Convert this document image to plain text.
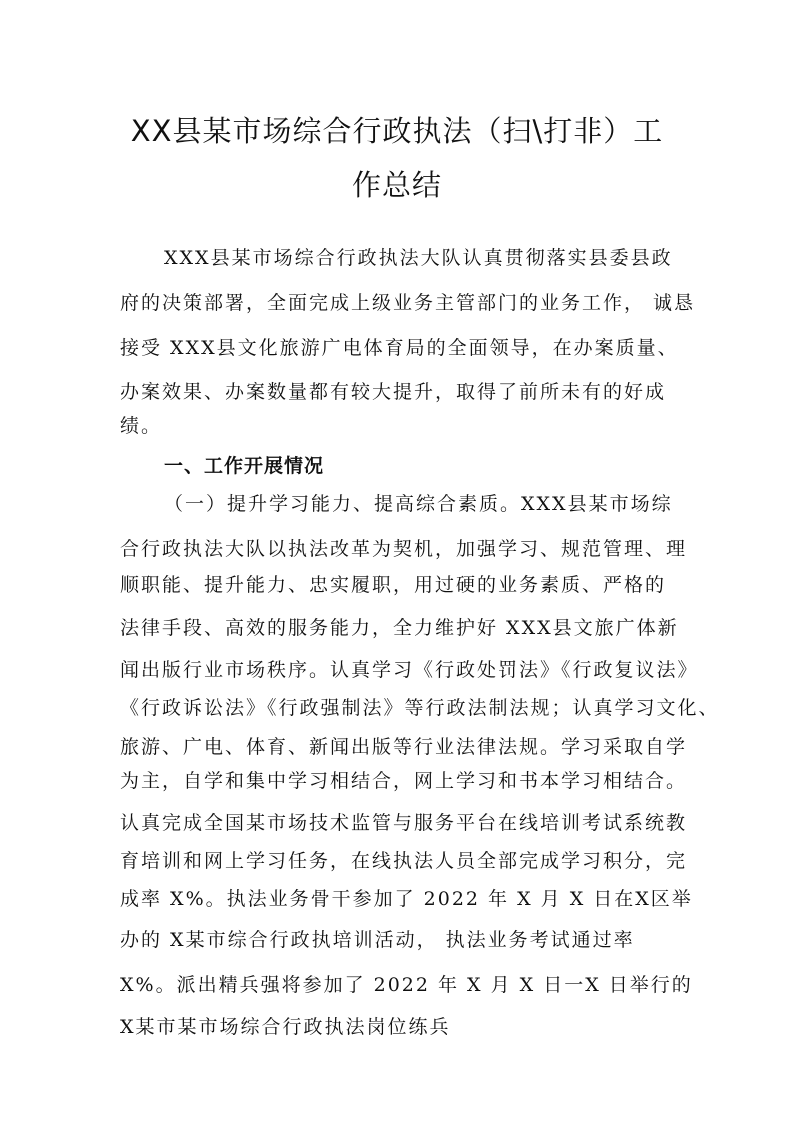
XX县某市场综合行政执法（扫\打非）工
作总结
XXX县某市场综合行政执法大队认真贯彻落实县委县政
府的决策部署，全面完成上级业务主管部门的业务工作， 诚恳
接受 XXX县文化旅游广电体育局的全面领导，在办案质量、
办案效果、办案数量都有较大提升，取得了前所未有的好成
绩。
一、工作开展情况
（一）提升学习能力、提高综合素质。XXX县某市场综
合行政执法大队以执法改革为契机，加强学习、规范管理、理
顺职能、提升能力、忠实履职，用过硬的业务素质、严格的
法律手段、高效的服务能力，全力维护好 XXX县文旅广体新
闻出版行业市场秩序。认真学习《行政处罚法》《行政复议法》
《行政诉讼法》《行政强制法》等行政法制法规；认真学习文化、
旅游、广电、体育、新闻出版等行业法律法规。学习采取自学
为主，自学和集中学习相结合，网上学习和书本学习相结合。
认真完成全国某市场技术监管与服务平台在线培训考试系统教
育培训和网上学习任务，在线执法人员全部完成学习积分，完
成率 X%。执法业务骨干参加了 2022 年 X 月 X 日在X区举
办的 X某市综合行政执培训活动， 执法业务考试通过率
X%。派出精兵强将参加了 2022 年 X 月 X 日一X 日举行的
X某市某市场综合行政执法岗位练兵
